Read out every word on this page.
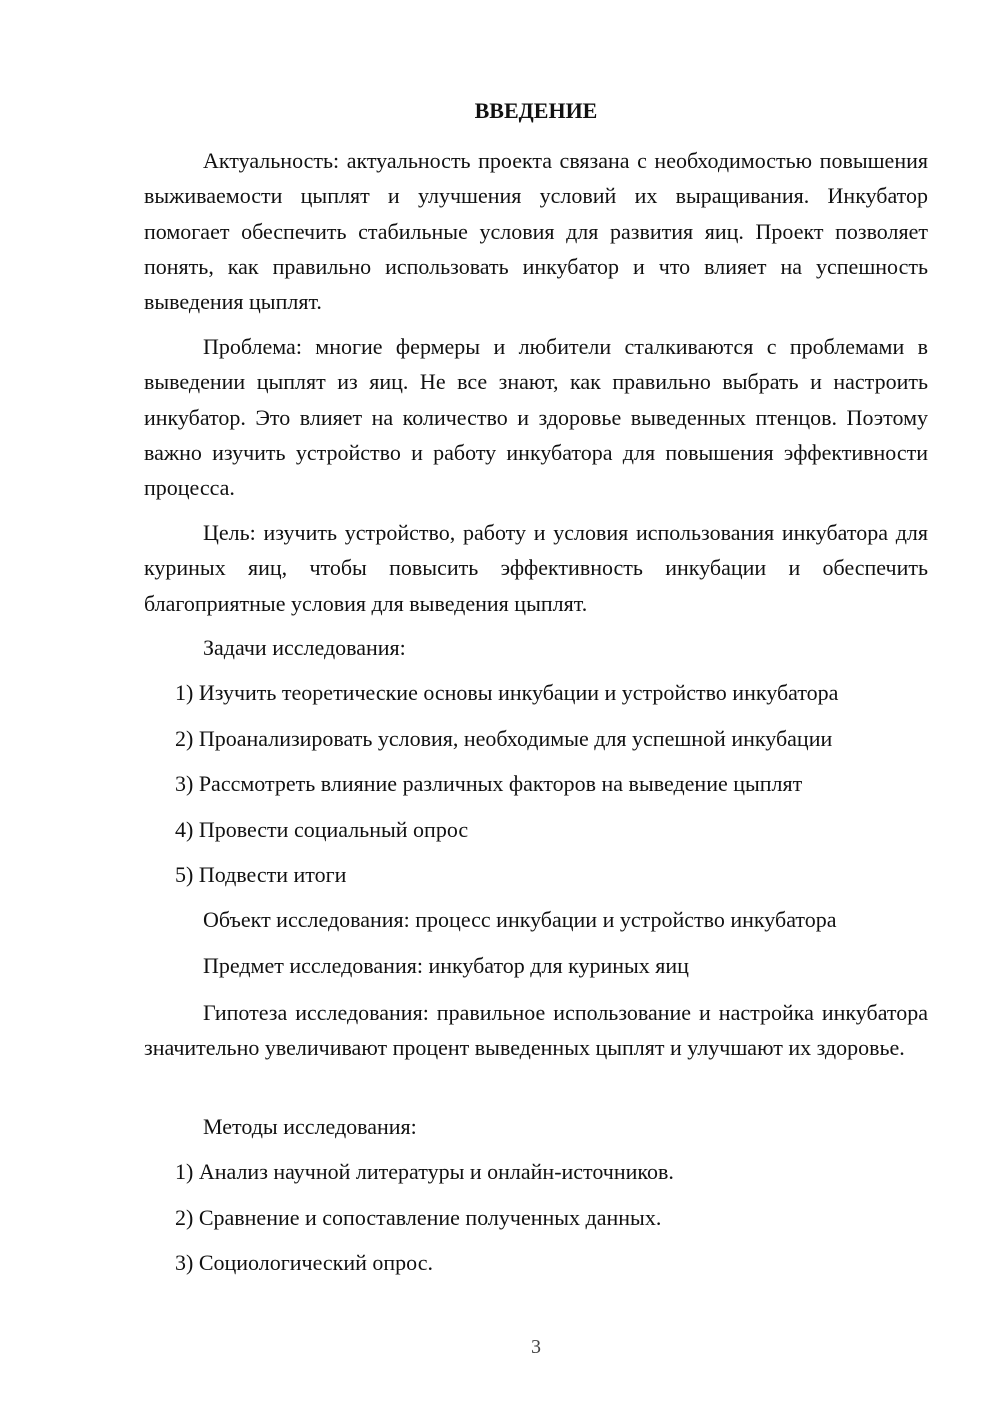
ВВЕДЕНИЕ

Актуальность: актуальность проекта связана с необходимостью повышения выживаемости цыплят и улучшения условий их выращивания. Инкубатор помогает обеспечить стабильные условия для развития яиц. Проект позволяет понять, как правильно использовать инкубатор и что влияет на успешность выведения цыплят.

Проблема: многие фермеры и любители сталкиваются с проблемами в выведении цыплят из яиц. Не все знают, как правильно выбрать и настроить инкубатор. Это влияет на количество и здоровье выведенных птенцов. Поэтому важно изучить устройство и работу инкубатора для повышения эффективности процесса.

Цель: изучить устройство, работу и условия использования инкубатора для куриных яиц, чтобы повысить эффективность инкубации и обеспечить благоприятные условия для выведения цыплят.

Задачи исследования:

1) Изучить теоретические основы инкубации и устройство инкубатора

2) Проанализировать условия, необходимые для успешной инкубации

3) Рассмотреть влияние различных факторов на выведение цыплят

4) Провести социальный опрос

5) Подвести итоги

Объект исследования: процесс инкубации и устройство инкубатора

Предмет исследования: инкубатор для куриных яиц

Гипотеза исследования: правильное использование и настройка инкубатора значительно увеличивают процент выведенных цыплят и улучшают их здоровье.

Методы исследования:

1) Анализ научной литературы и онлайн-источников.

2) Сравнение и сопоставление полученных данных.

3) Социологический опрос.

3
